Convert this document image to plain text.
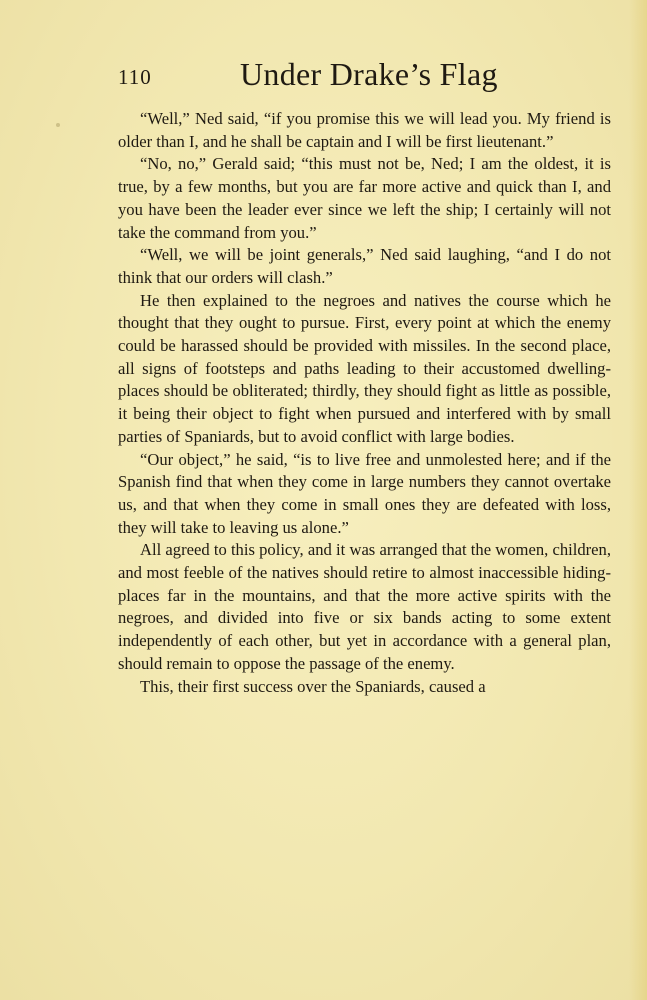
110	Under Drake’s Flag

“Well,” Ned said, “if you promise this we will lead you. My friend is older than I, and he shall be captain and I will be first lieutenant.”

“No, no,” Gerald said; “this must not be, Ned; I am the oldest, it is true, by a few months, but you are far more active and quick than I, and you have been the leader ever since we left the ship; I certainly will not take the command from you.”

“Well, we will be joint generals,” Ned said laughing, “and I do not think that our orders will clash.”

He then explained to the negroes and natives the course which he thought that they ought to pursue. First, every point at which the enemy could be harassed should be provided with missiles. In the second place, all signs of footsteps and paths leading to their accustomed dwelling-places should be obliterated; thirdly, they should fight as little as possible, it being their object to fight when pursued and interfered with by small parties of Spaniards, but to avoid conflict with large bodies.

“Our object,” he said, “is to live free and unmolested here; and if the Spanish find that when they come in large numbers they cannot overtake us, and that when they come in small ones they are defeated with loss, they will take to leaving us alone.”

All agreed to this policy, and it was arranged that the women, children, and most feeble of the natives should retire to almost inaccessible hiding-places far in the mountains, and that the more active spirits with the negroes, and divided into five or six bands acting to some extent independently of each other, but yet in accordance with a general plan, should remain to oppose the passage of the enemy.

This, their first success over the Spaniards, caused a
